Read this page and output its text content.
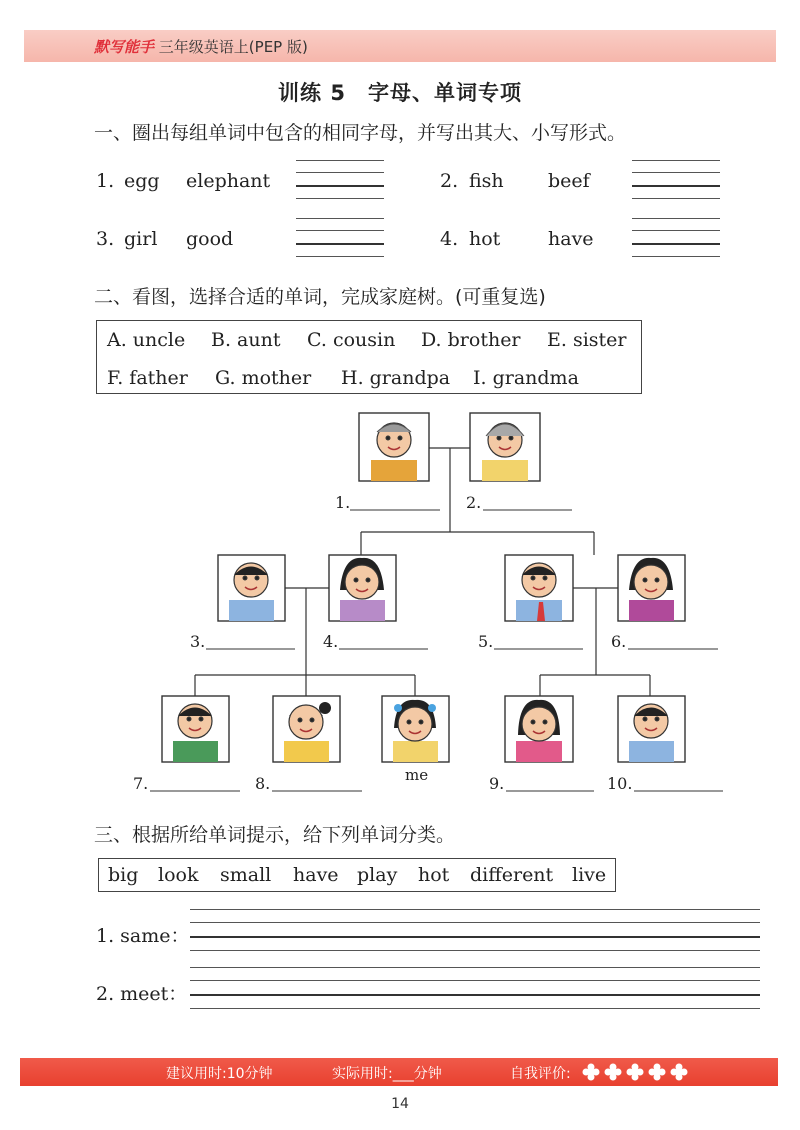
默写能手 三年级英语上(PEP 版)
训练 5　字母、单词专项
一、圈出每组单词中包含的相同字母，并写出其大、小写形式。
1. egg elephant	2. fish beef
3. girl good	4. hot	have
二、看图，选择合适的单词，完成家庭树。(可重复选)
A. uncle B. aunt C. cousin D. brother E. sister
F. father G. mother H. grandpa I. grandma
1.	2.
3.	4.	5.	6.
7.	8.	me	9.	10.
三、根据所给单词提示，给下列单词分类。
big look small have play hot different live
1. same：
2. meet：
建议用时:10分钟	实际用时:___分钟	自我评价:
14
